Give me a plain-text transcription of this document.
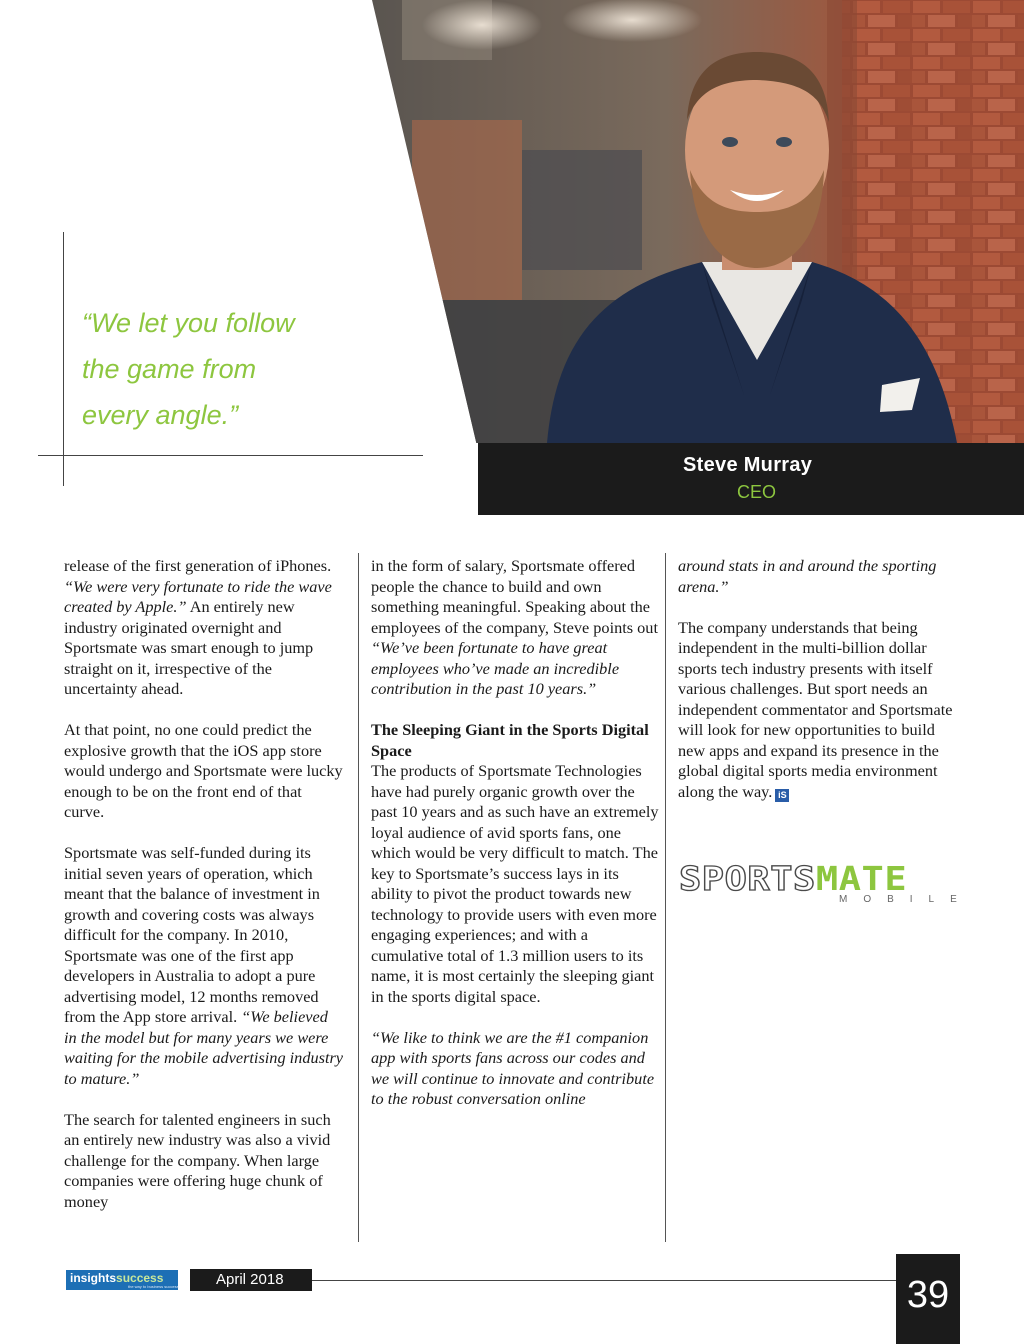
Steve Murray
CEO
“We let you follow
the game from
every angle.”

release of the first generation of iPhones. “We were very fortunate to ride the wave created by Apple.” An entirely new industry originated overnight and Sportsmate was smart enough to jump straight on it, irrespective of the uncertainty ahead.

At that point, no one could predict the explosive growth that the iOS app store would undergo and Sportsmate were lucky enough to be on the front end of that curve.

Sportsmate was self-funded during its initial seven years of operation, which meant that the balance of investment in growth and covering costs was always difficult for the company. In 2010, Sportsmate was one of the first app developers in Australia to adopt a pure advertising model, 12 months removed from the App store arrival. “We believed in the model but for many years we were waiting for the mobile advertising industry to mature.”

The search for talented engineers in such an entirely new industry was also a vivid challenge for the company. When large companies were offering huge chunk of money

in the form of salary, Sportsmate offered people the chance to build and own something meaningful. Speaking about the employees of the company, Steve points out “We’ve been fortunate to have great employees who’ve made an incredible contribution in the past 10 years.”

The Sleeping Giant in the Sports Digital Space

The products of Sportsmate Technologies have had purely organic growth over the past 10 years and as such have an extremely loyal audience of avid sports fans, one which would be very difficult to match. The key to Sportsmate’s success lays in its ability to pivot the product towards new technology to provide users with even more engaging experiences; and with a cumulative total of 1.3 million users to its name, it is most certainly the sleeping giant in the sports digital space.

“We like to think we are the #1 companion app with sports fans across our codes and we will continue to innovate and contribute to the robust conversation online

around stats in and around the sporting arena.”

The company understands that being independent in the multi-billion dollar sports tech industry presents with itself various challenges. But sport needs an independent commentator and Sportsmate will look for new opportunities to build new apps and expand its presence in the global digital sports media environment along the way. iS

SPORTSMATE
MOBILE
insightssuccess
the way to business success April 2018	39
